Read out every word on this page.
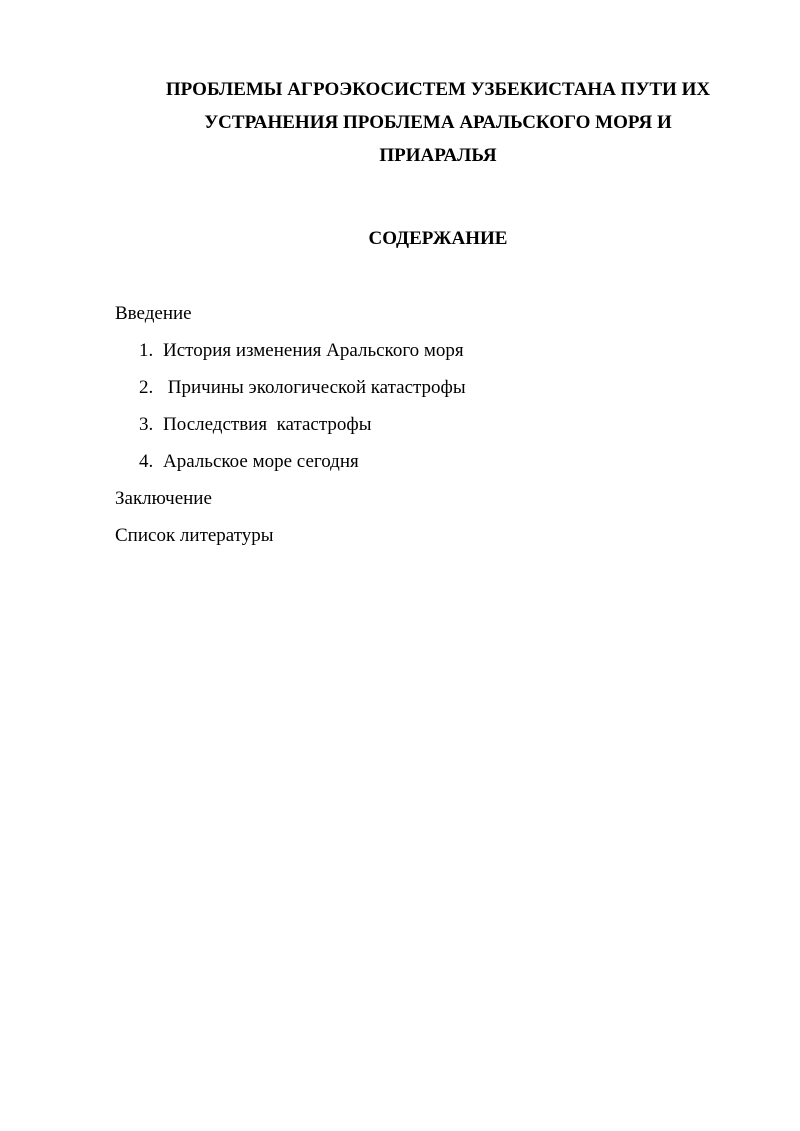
ПРОБЛЕМЫ АГРОЭКОСИСТЕМ УЗБЕКИСТАНА ПУТИ ИХ
УСТРАНЕНИЯ ПРОБЛЕМА АРАЛЬСКОГО МОРЯ И
ПРИАРАЛЬЯ
СОДЕРЖАНИЕ
Введение
1. История изменения Аральского моря
2. Причины экологической катастрофы
3. Последствия  катастрофы
4. Аральское море сегодня
Заключение
Список литературы
